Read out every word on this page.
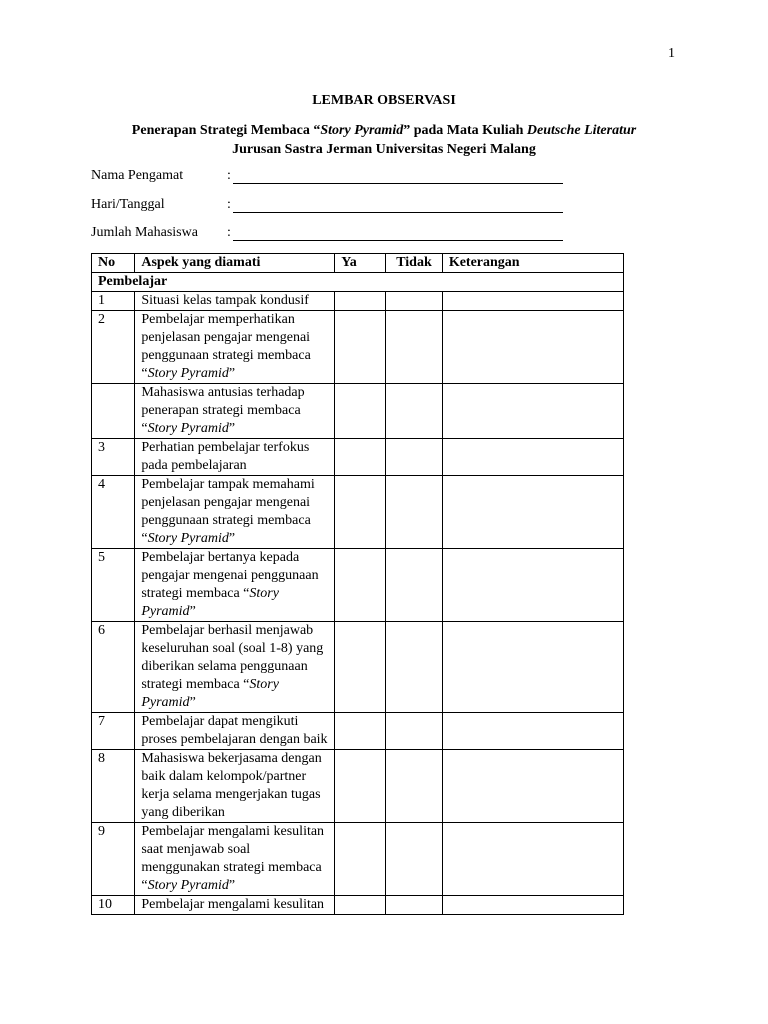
1
LEMBAR OBSERVASI
Penerapan Strategi Membaca “Story Pyramid” pada Mata Kuliah Deutsche Literatur
Jurusan Sastra Jerman Universitas Negeri Malang
Nama Pengamat	:
Hari/Tanggal	:
Jumlah Mahasiswa	:
No	Aspek yang diamati	Ya	Tidak	Keterangan
Pembelajar				
1	Situasi kelas tampak kondusif			
2	Pembelajar memperhatikan penjelasan pengajar mengenai penggunaan strategi membaca “Story Pyramid”			
	Mahasiswa antusias terhadap penerapan strategi membaca “Story Pyramid”			
3	Perhatian pembelajar terfokus pada pembelajaran			
4	Pembelajar tampak memahami penjelasan pengajar mengenai penggunaan strategi membaca “Story Pyramid”			
5	Pembelajar bertanya kepada pengajar mengenai penggunaan strategi membaca “Story Pyramid”			
6	Pembelajar berhasil menjawab keseluruhan soal (soal 1-8) yang diberikan selama penggunaan strategi membaca “Story Pyramid”			
7	Pembelajar dapat mengikuti proses pembelajaran dengan baik			
8	Mahasiswa bekerjasama dengan baik dalam kelompok/partner kerja selama mengerjakan tugas yang diberikan			
9	Pembelajar mengalami kesulitan saat menjawab soal menggunakan strategi membaca “Story Pyramid”			
10	Pembelajar mengalami kesulitan			
